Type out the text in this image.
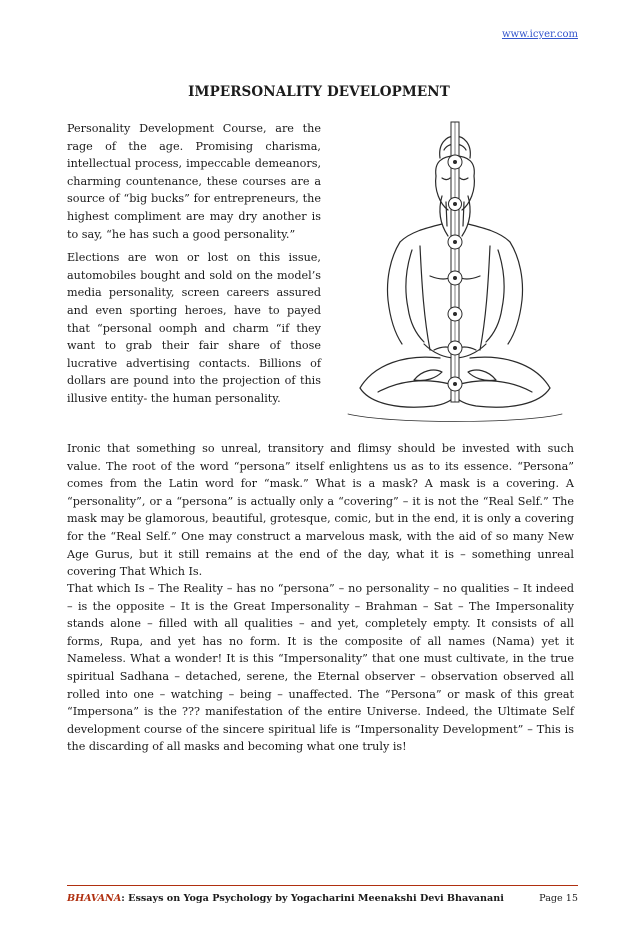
www.icyer.com
IMPERSONALITY DEVELOPMENT

Personality Development Course, are the rage of the age. Promising charisma, intellectual process, impeccable demeanors, charming countenance, these courses are a source of “big bucks” for entrepreneurs, the highest compliment are may dry another is to say, “he has such a good personality.”

Elections are won or lost on this issue, automobiles bought and sold on the model’s media personality, screen careers assured and even sporting heroes, have to payed that “personal oomph and charm “if they want to grab their fair share of those lucrative advertising contacts. Billions of dollars are pound into the projection of this illusive entity- the human personality.

Ironic that something so unreal, transitory and flimsy should be invested with such value. The root of the word “persona” itself enlightens us as to its essence. “Persona” comes from the Latin word for “mask.” What is a mask? A mask is a covering. A “personality”, or a “persona” is actually only a “covering” – it is not the “Real Self.” The mask may be glamorous, beautiful, grotesque, comic, but in the end, it is only a covering for the “Real Self.” One may construct a marvelous mask, with the aid of so many New Age Gurus, but it still remains at the end of the day, what it is – something unreal covering That Which Is.

That which Is – The Reality – has no “persona” – no personality – no qualities – It indeed – is the opposite – It is the Great Impersonality – Brahman – Sat – The Impersonality stands alone – filled with all qualities – and yet, completely empty. It consists of all forms, Rupa, and yet has no form. It is the composite of all names (Nama) yet it Nameless. What a wonder! It is this “Impersonality” that one must cultivate, in the true spiritual Sadhana – detached, serene, the Eternal observer – observation observed all rolled into one – watching – being – unaffected. The “Persona” or mask of this great “Impersona” is the ??? manifestation of the entire Universe. Indeed, the Ultimate Self development course of the sincere spiritual life is “Impersonality Development” – This is the discarding of all masks and becoming what one truly is!

BHAVANA: Essays on Yoga Psychology by Yogacharini Meenakshi Devi Bhavanani	Page 15
